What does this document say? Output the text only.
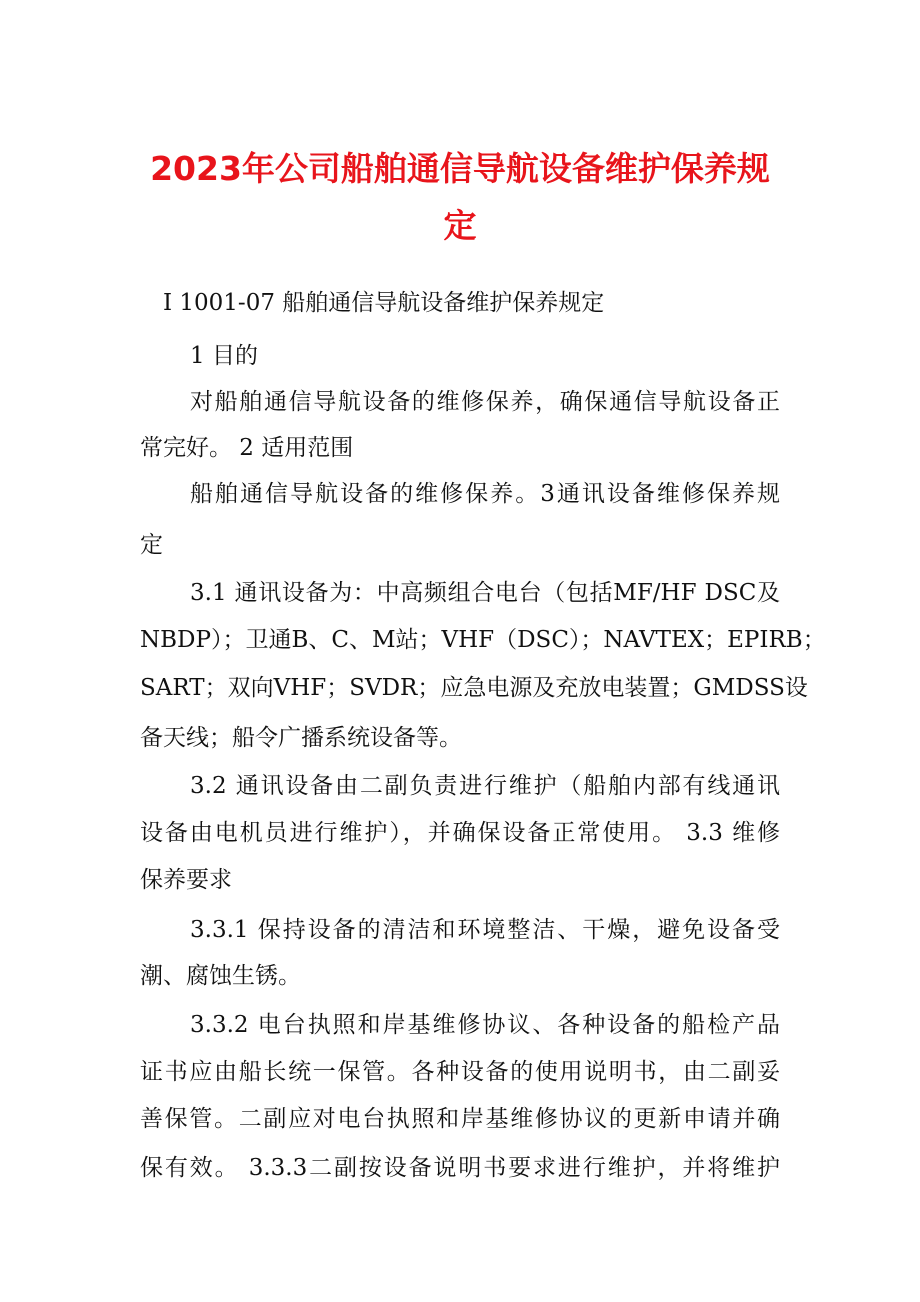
2023年公司船舶通信导航设备维护保养规
定
I 1001-07 船舶通信导航设备维护保养规定
1 目的
对船舶通信导航设备的维修保养，确保通信导航设备正
常完好。 2 适用范围
船舶通信导航设备的维修保养。3通讯设备维修保养规
定
3.1 通讯设备为：中高频组合电台（包括MF/HF DSC及
NBDP）；卫通B、C、M站；VHF（DSC）；NAVTEX；EPIRB；
SART；双向VHF；SVDR；应急电源及充放电装置；GMDSS设
备天线；船令广播系统设备等。
3.2 通讯设备由二副负责进行维护（船舶内部有线通讯
设备由电机员进行维护），并确保设备正常使用。 3.3 维修
保养要求
3.3.1 保持设备的清洁和环境整洁、干燥，避免设备受
潮、腐蚀生锈。
3.3.2 电台执照和岸基维修协议、各种设备的船检产品
证书应由船长统一保管。各种设备的使用说明书，由二副妥
善保管。二副应对电台执照和岸基维修协议的更新申请并确
保有效。 3.3.3二副按设备说明书要求进行维护，并将维护
